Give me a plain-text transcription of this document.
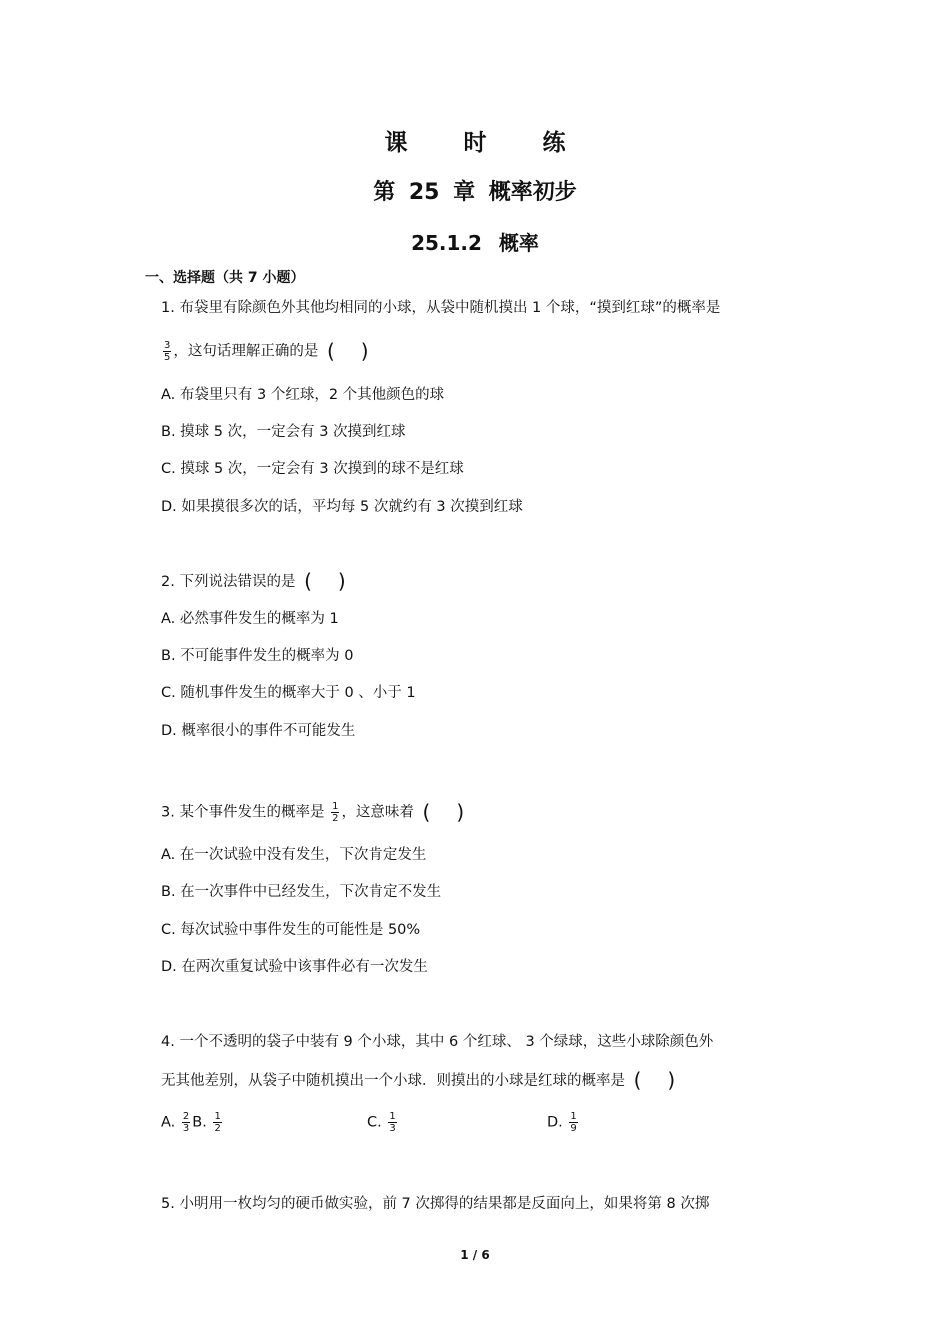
课 时 练
第 25 章 概率初步
25.1.2 概率
一、选择题（共 7 小题）
1. 布袋里有除颜色外其他均相同的小球，从袋中随机摸出 1 个球，“摸到红球”的概率是
$\frac{3}{5}$ ，这句话理解正确的是 ( )
A. 布袋里只有 3 个红球，2 个其他颜色的球
B. 摸球 5 次，一定会有 3 次摸到红球
C. 摸球 5 次，一定会有 3 次摸到的球不是红球
D. 如果摸很多次的话，平均每 5 次就约有 3 次摸到红球
2. 下列说法错误的是 ( )
A. 必然事件发生的概率为 1
B. 不可能事件发生的概率为 0
C. 随机事件发生的概率大于 0 、小于 1
D. 概率很小的事件不可能发生
3. 某个事件发生的概率是 $\frac{1}{2}$ ，这意味着 ( )
A. 在一次试验中没有发生，下次肯定发生
B. 在一次事件中已经发生，下次肯定不发生
C. 每次试验中事件发生的可能性是 50%
D. 在两次重复试验中该事件必有一次发生
4. 一个不透明的袋子中装有 9 个小球，其中 6 个红球、 3 个绿球，这些小球除颜色外
无其他差别，从袋子中随机摸出一个小球．则摸出的小球是红球的概率是 ( )
A. $\frac{2}{3} B$. $\frac{1}{2}$	C. $\frac{1}{3}$	D. $\frac{1}{9}$
5. 小明用一枚均匀的硬币做实验，前 7 次掷得的结果都是反面向上，如果将第 8 次掷
1 / 6
